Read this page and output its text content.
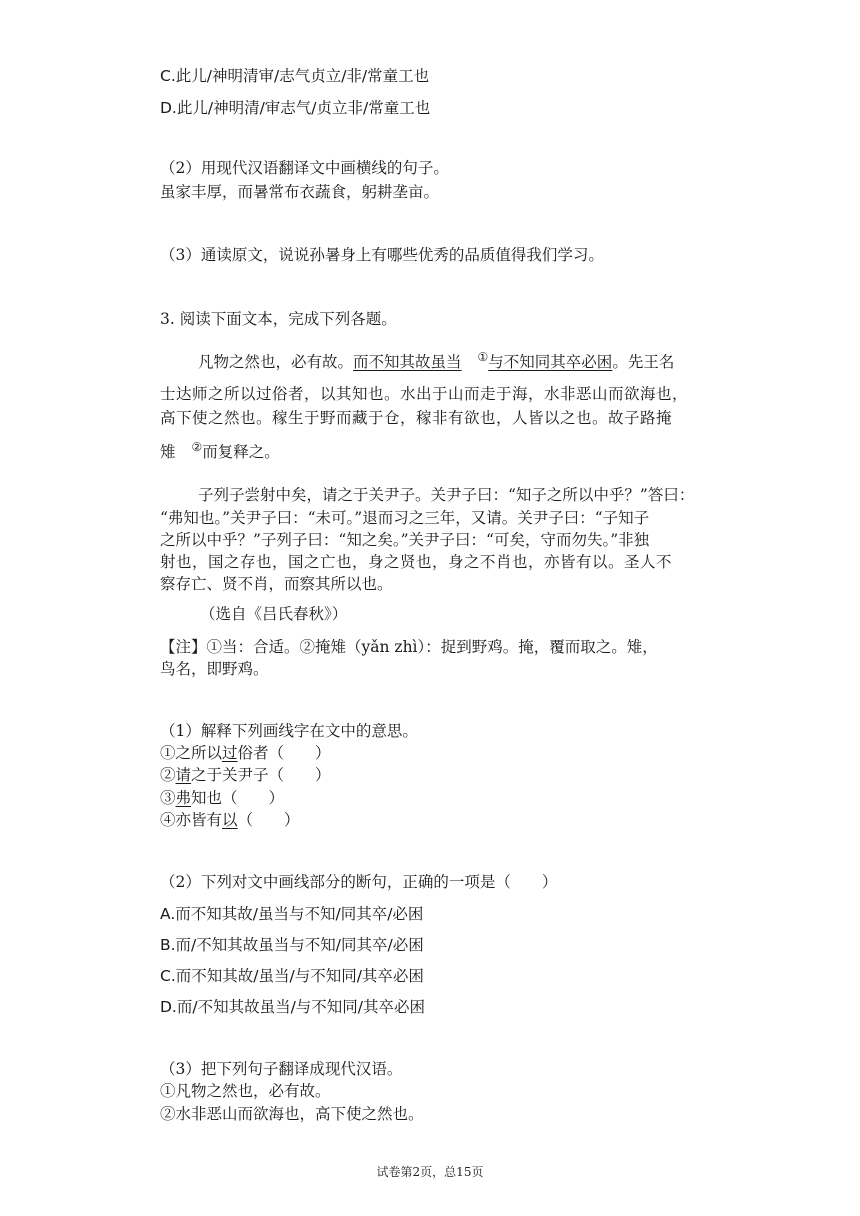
C.此儿/神明清审/志气贞立/非/常童工也
D.此儿/神明清/审志气/贞立非/常童工也
（2）用现代汉语翻译文中画横线的句子。
虽家丰厚，而暑常布衣蔬食，躬耕垄亩。
（3）通读原文，说说孙暑身上有哪些优秀的品质值得我们学习。
3. 阅读下面文本，完成下列各题。
凡物之然也，必有故。而不知其故虽当 ①与不知同其卒必困。先王名
士达师之所以过俗者，以其知也。水出于山而走于海，水非恶山而欲海也，
高下使之然也。稼生于野而藏于仓，稼非有欲也，人皆以之也。故子路掩
雉 ②而复释之。
子列子尝射中矣，请之于关尹子。关尹子曰：“知子之所以中乎？”答曰：
“弗知也。”关尹子曰：“未可。”退而习之三年，又请。关尹子曰：“子知子
之所以中乎？”子列子曰：“知之矣。”关尹子曰：“可矣，守而勿失。”非独
射也，国之存也，国之亡也，身之贤也，身之不肖也，亦皆有以。圣人不
察存亡、贤不肖，而察其所以也。
（选自《吕氏春秋》）
【注】①当：合适。②掩雉（yǎn zhì）：捉到野鸡。掩，覆而取之。雉，
鸟名，即野鸡。
（1）解释下列画线字在文中的意思。
①之所以过俗者（　　）
②请之于关尹子（　　）
③弗知也（　　）
④亦皆有以（　　）
（2）下列对文中画线部分的断句，正确的一项是（　　）
A.而不知其故/虽当与不知/同其卒/必困
B.而/不知其故虽当与不知/同其卒/必困
C.而不知其故/虽当/与不知同/其卒必困
D.而/不知其故虽当/与不知同/其卒必困
（3）把下列句子翻译成现代汉语。
①凡物之然也，必有故。
②水非恶山而欲海也，高下使之然也。
试卷第2页，总15页
